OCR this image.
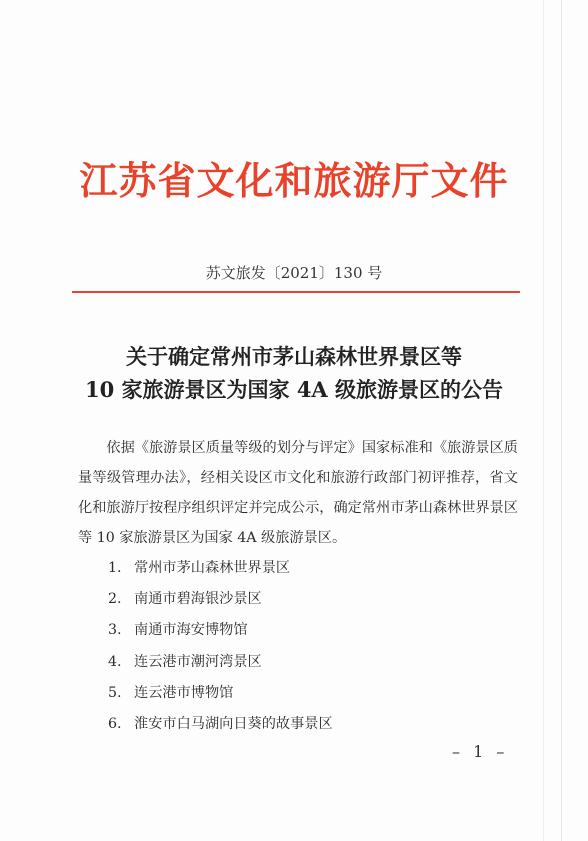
江苏省文化和旅游厅文件
苏文旅发〔2021〕130 号
关于确定常州市茅山森林世界景区等
10 家旅游景区为国家 4A 级旅游景区的公告
依据《旅游景区质量等级的划分与评定》国家标准和《旅游景区质量等级管理办法》，经相关设区市文化和旅游行政部门初评推荐，省文化和旅游厅按程序组织评定并完成公示，确定常州市茅山森林世界景区等 10 家旅游景区为国家 4A 级旅游景区。
1. 常州市茅山森林世界景区
2. 南通市碧海银沙景区
3. 南通市海安博物馆
4. 连云港市潮河湾景区
5. 连云港市博物馆
6. 淮安市白马湖向日葵的故事景区
– 1 –
